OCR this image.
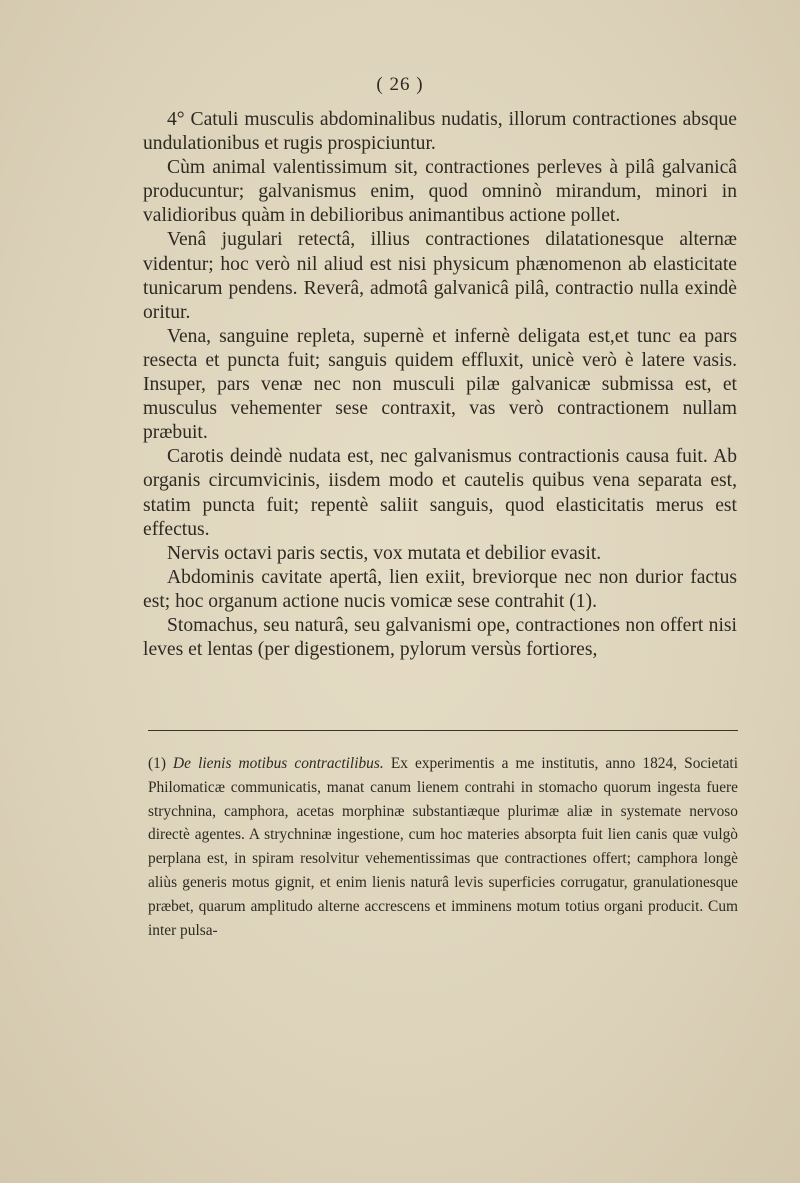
( 26 )

4° Catuli musculis abdominalibus nudatis, illorum contractiones absque undulationibus et rugis prospiciuntur.

Cùm animal valentissimum sit, contractiones perleves à pilâ galvanicâ producuntur; galvanismus enim, quod omninò mirandum, minori in validioribus quàm in debilioribus animantibus actione pollet.

Venâ jugulari retectâ, illius contractiones dilatationesque alternæ videntur; hoc verò nil aliud est nisi physicum phænomenon ab elasticitate tunicarum pendens. Reverâ, admotâ galvanicâ pilâ, contractio nulla exindè oritur.

Vena, sanguine repleta, supernè et infernè deligata est,et tunc ea pars resecta et puncta fuit; sanguis quidem effluxit, unicè verò è latere vasis. Insuper, pars venæ nec non musculi pilæ galvanicæ submissa est, et musculus vehementer sese contraxit, vas verò contractionem nullam præbuit.

Carotis deindè nudata est, nec galvanismus contractionis causa fuit. Ab organis circumvicinis, iisdem modo et cautelis quibus vena separata est, statim puncta fuit; repentè saliit sanguis, quod elasticitatis merus est effectus.

Nervis octavi paris sectis, vox mutata et debilior evasit.

Abdominis cavitate apertâ, lien exiit, breviorque nec non durior factus est; hoc organum actione nucis vomicæ sese contrahit (1).

Stomachus, seu naturâ, seu galvanismi ope, contractiones non offert nisi leves et lentas (per digestionem, pylorum versùs fortiores,

(1) De lienis motibus contractilibus. Ex experimentis a me institutis, anno 1824, Societati Philomaticæ communicatis, manat canum lienem contrahi in stomacho quorum ingesta fuere strychnina, camphora, acetas morphinæ substantiæque plurimæ aliæ in systemate nervoso directè agentes. A strychninæ ingestione, cum hoc materies absorpta fuit lien canis quæ vulgò perplana est, in spiram resolvitur vehementissimas que contractiones offert; camphora longè aliùs generis motus gignit, et enim lienis naturâ levis superficies corrugatur, granulationesque præbet, quarum amplitudo alterne accrescens et imminens motum totius organi producit. Cum inter pulsa-
